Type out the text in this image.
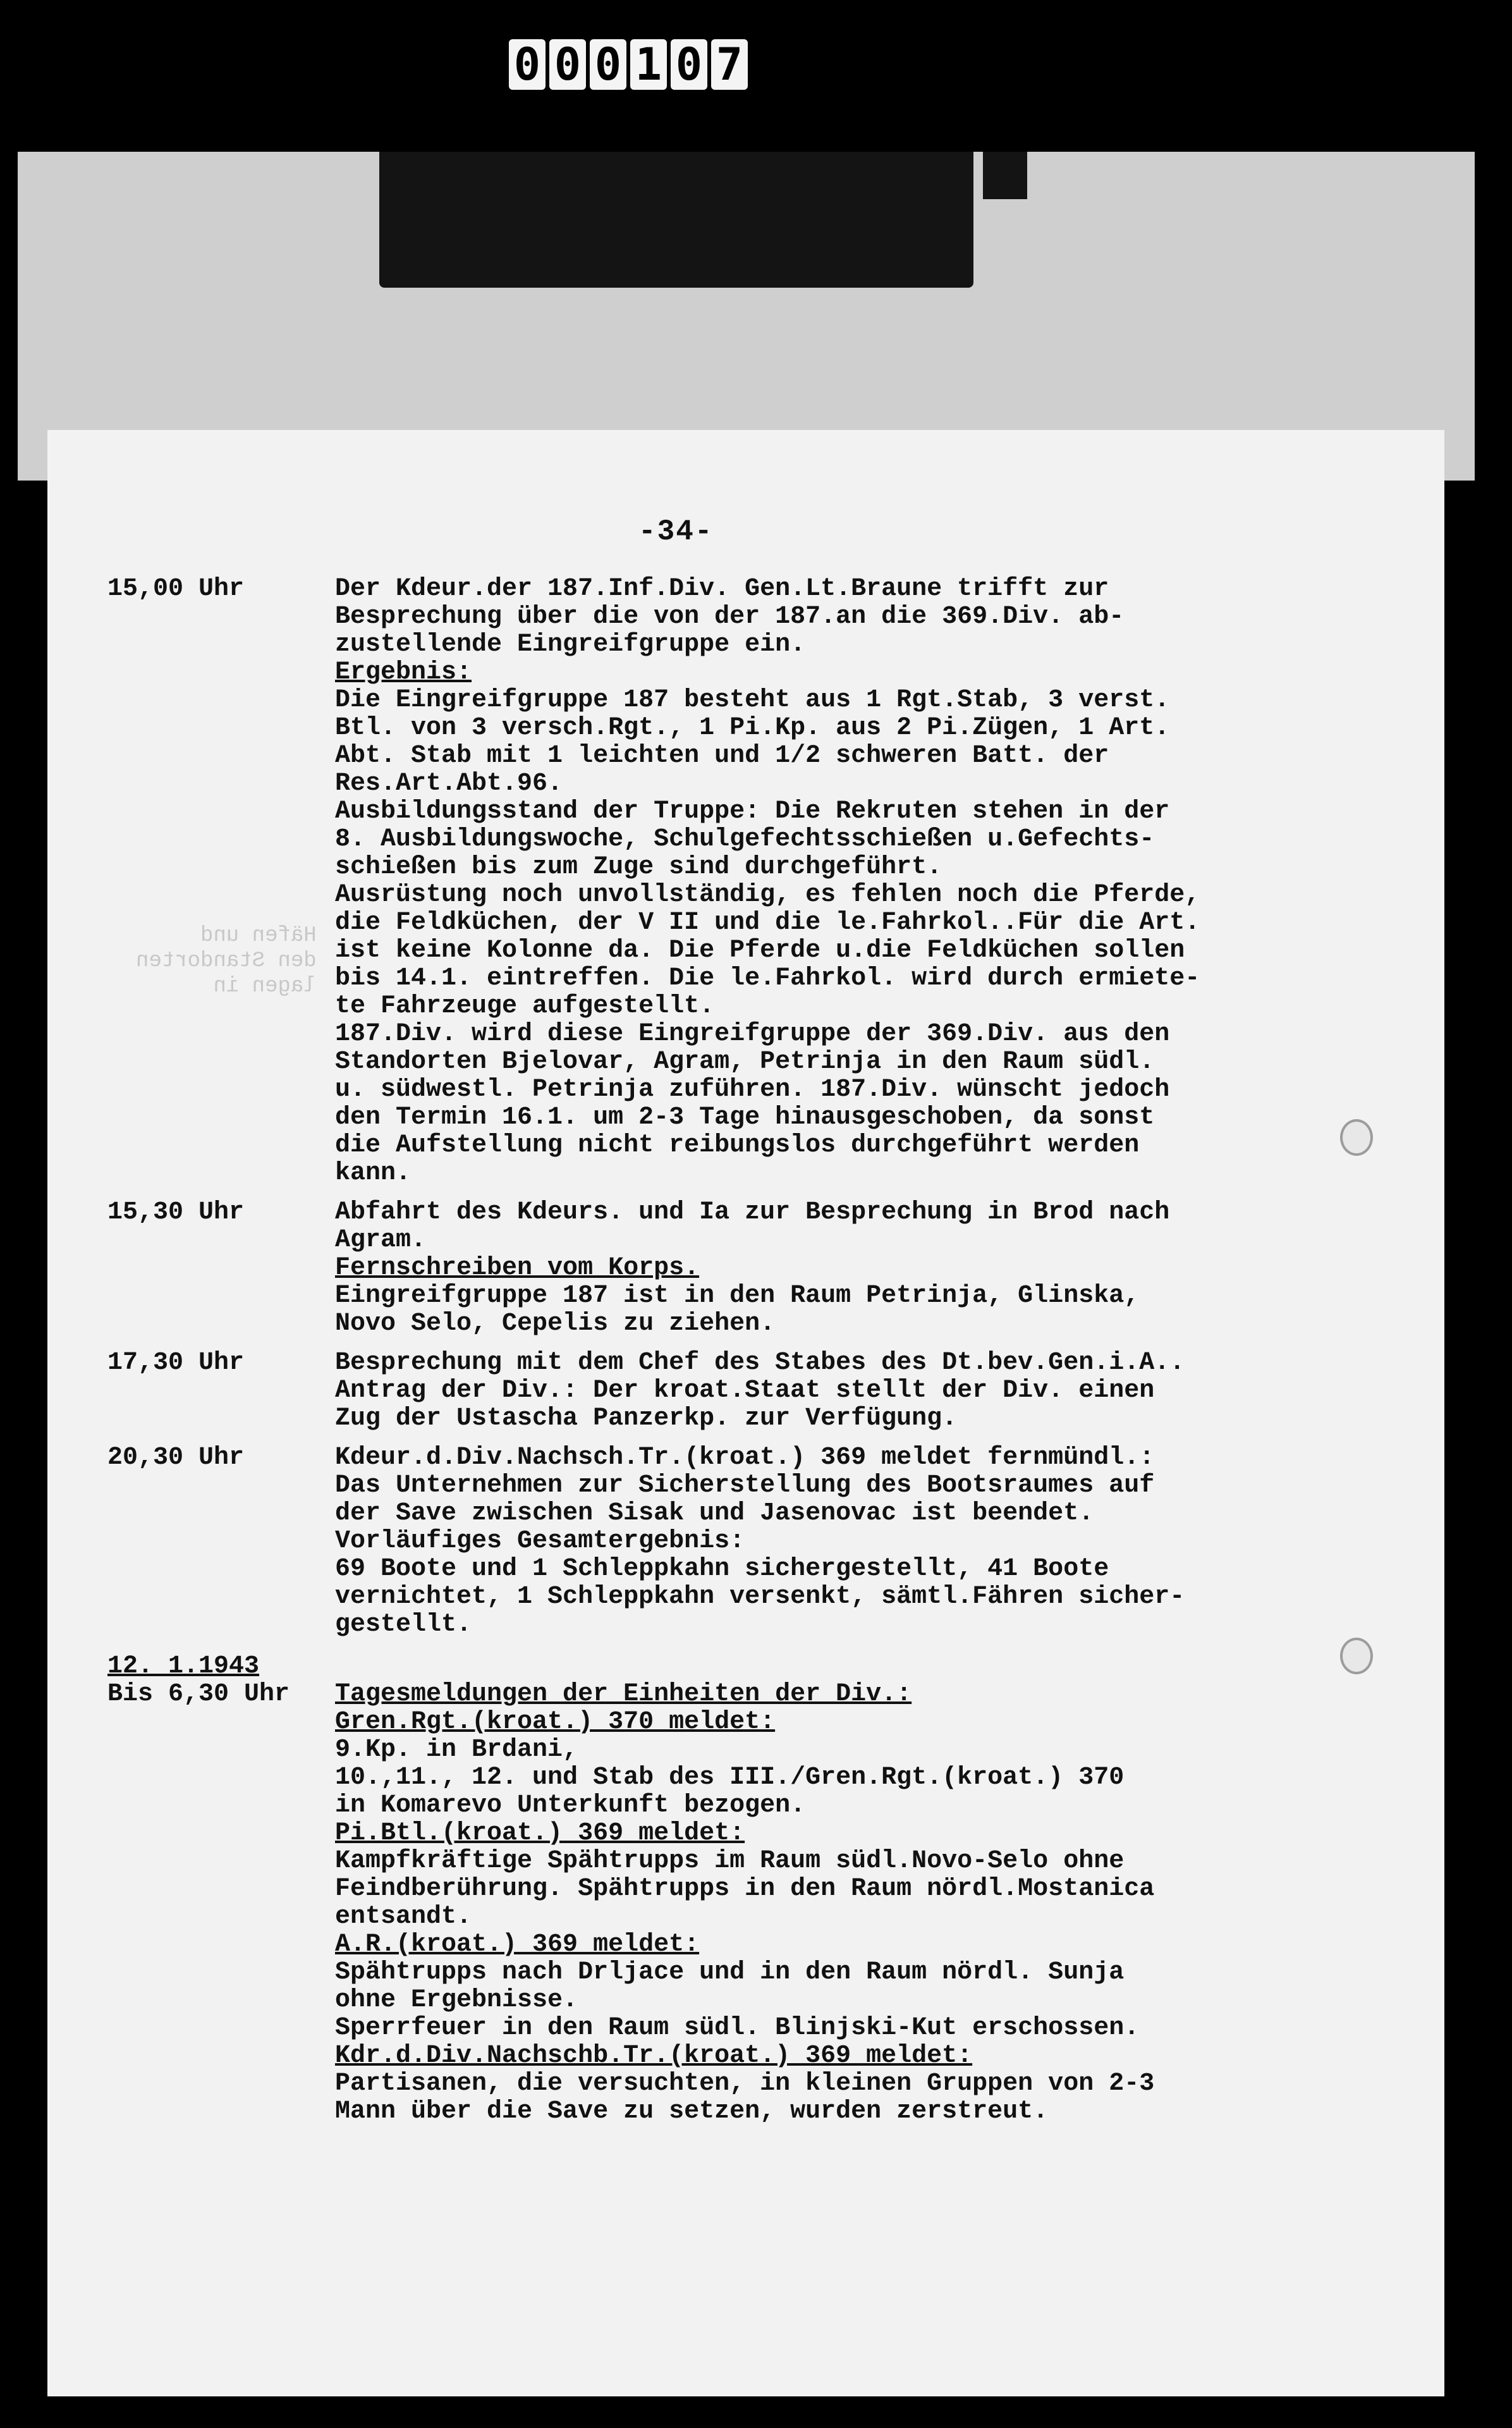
0 0 0 1 0 7
Häfen und
den Standorten
lagen in
-34-
15,00 Uhr	Der Kdeur.der 187.Inf.Div. Gen.Lt.Braune trifft zur
Besprechung über die von der 187.an die 369.Div. ab-
zustellende Eingreifgruppe ein.
Ergebnis:
Die Eingreifgruppe 187 besteht aus 1 Rgt.Stab, 3 verst.
Btl. von 3 versch.Rgt., 1 Pi.Kp. aus 2 Pi.Zügen, 1 Art.
Abt. Stab mit 1 leichten und 1/2 schweren Batt. der
Res.Art.Abt.96.
Ausbildungsstand der Truppe: Die Rekruten stehen in der
8. Ausbildungswoche, Schulgefechtsschießen u.Gefechts-
schießen bis zum Zuge sind durchgeführt.
Ausrüstung noch unvollständig, es fehlen noch die Pferde,
die Feldküchen, der V II und die le.Fahrkol..Für die Art.
ist keine Kolonne da. Die Pferde u.die Feldküchen sollen
bis 14.1. eintreffen. Die le.Fahrkol. wird durch ermiete-
te Fahrzeuge aufgestellt.
187.Div. wird diese Eingreifgruppe der 369.Div. aus den
Standorten Bjelovar, Agram, Petrinja in den Raum südl.
u. südwestl. Petrinja zuführen. 187.Div. wünscht jedoch
den Termin 16.1. um 2-3 Tage hinausgeschoben, da sonst
die Aufstellung nicht reibungslos durchgeführt werden
kann.
15,30 Uhr	Abfahrt des Kdeurs. und Ia zur Besprechung in Brod nach
Agram.
Fernschreiben vom Korps.
Eingreifgruppe 187 ist in den Raum Petrinja, Glinska,
Novo Selo, Cepelis zu ziehen.
17,30 Uhr	Besprechung mit dem Chef des Stabes des Dt.bev.Gen.i.A..
Antrag der Div.: Der kroat.Staat stellt der Div. einen
Zug der Ustascha Panzerkp. zur Verfügung.
20,30 Uhr	Kdeur.d.Div.Nachsch.Tr.(kroat.) 369 meldet fernmündl.:
Das Unternehmen zur Sicherstellung des Bootsraumes auf
der Save zwischen Sisak und Jasenovac ist beendet.
Vorläufiges Gesamtergebnis:
69 Boote und 1 Schleppkahn sichergestellt, 41 Boote
vernichtet, 1 Schleppkahn versenkt, sämtl.Fähren sicher-
gestellt.
12. 1.1943
Bis 6,30 Uhr	Tagesmeldungen der Einheiten der Div.:
Gren.Rgt.(kroat.) 370 meldet:
9.Kp. in Brdani,
10.,11., 12. und Stab des III./Gren.Rgt.(kroat.) 370
in Komarevo Unterkunft bezogen.
Pi.Btl.(kroat.) 369 meldet:
Kampfkräftige Spähtrupps im Raum südl.Novo-Selo ohne
Feindberührung. Spähtrupps in den Raum nördl.Mostanica
entsandt.
A.R.(kroat.) 369 meldet:
Spähtrupps nach Drljace und in den Raum nördl. Sunja
ohne Ergebnisse.
Sperrfeuer in den Raum südl. Blinjski-Kut erschossen.
Kdr.d.Div.Nachschb.Tr.(kroat.) 369 meldet:
Partisanen, die versuchten, in kleinen Gruppen von 2-3
Mann über die Save zu setzen, wurden zerstreut.
